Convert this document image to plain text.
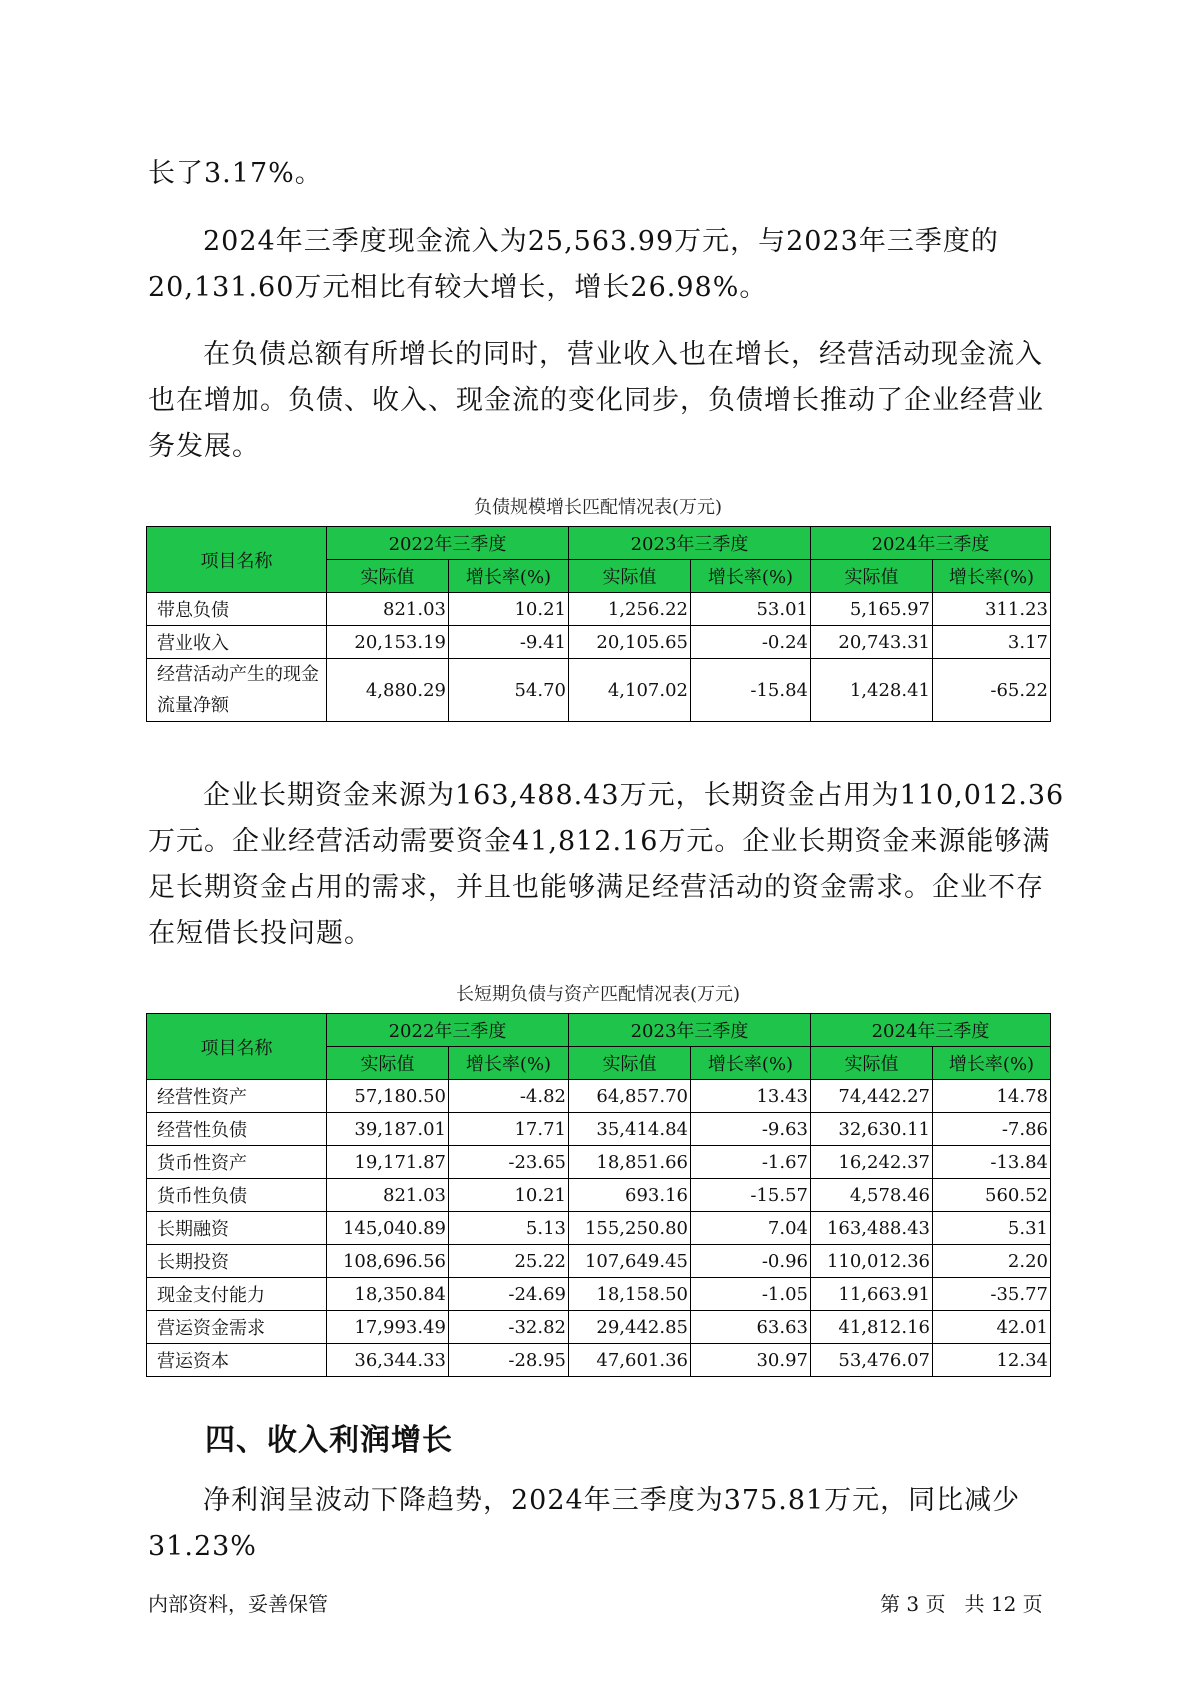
长了3.17%。

2024年三季度现金流入为25,563.99万元，与2023年三季度的20,131.60万元相比有较大增长，增长26.98%。

在负债总额有所增长的同时，营业收入也在增长，经营活动现金流入也在增加。负债、收入、现金流的变化同步，负债增长推动了企业经营业务发展。

负债规模增长匹配情况表(万元)
项目名称	2022年三季度		2023年三季度		2024年三季度	
	实际值	增长率(%)	实际值	增长率(%)	实际值	增长率(%)
带息负债	821.03	10.21	1,256.22	53.01	5,165.97	311.23
营业收入	20,153.19	-9.41	20,105.65	-0.24	20,743.31	3.17
经营活动产生的现金流量净额	4,880.29	54.70	4,107.02	-15.84	1,428.41	-65.22

企业长期资金来源为163,488.43万元，长期资金占用为110,012.36万元。企业经营活动需要资金41,812.16万元。企业长期资金来源能够满足长期资金占用的需求，并且也能够满足经营活动的资金需求。企业不存在短借长投问题。

长短期负债与资产匹配情况表(万元)
项目名称	2022年三季度		2023年三季度		2024年三季度	
	实际值	增长率(%)	实际值	增长率(%)	实际值	增长率(%)
经营性资产	57,180.50	-4.82	64,857.70	13.43	74,442.27	14.78
经营性负债	39,187.01	17.71	35,414.84	-9.63	32,630.11	-7.86
货币性资产	19,171.87	-23.65	18,851.66	-1.67	16,242.37	-13.84
货币性负债	821.03	10.21	693.16	-15.57	4,578.46	560.52
长期融资	145,040.89	5.13	155,250.80	7.04	163,488.43	5.31
长期投资	108,696.56	25.22	107,649.45	-0.96	110,012.36	2.20
现金支付能力	18,350.84	-24.69	18,158.50	-1.05	11,663.91	-35.77
营运资金需求	17,993.49	-32.82	29,442.85	63.63	41,812.16	42.01
营运资本	36,344.33	-28.95	47,601.36	30.97	53,476.07	12.34
四、收入利润增长

净利润呈波动下降趋势，2024年三季度为375.81万元，同比减少31.23%

内部资料，妥善保管	第 3 页   共 12 页
